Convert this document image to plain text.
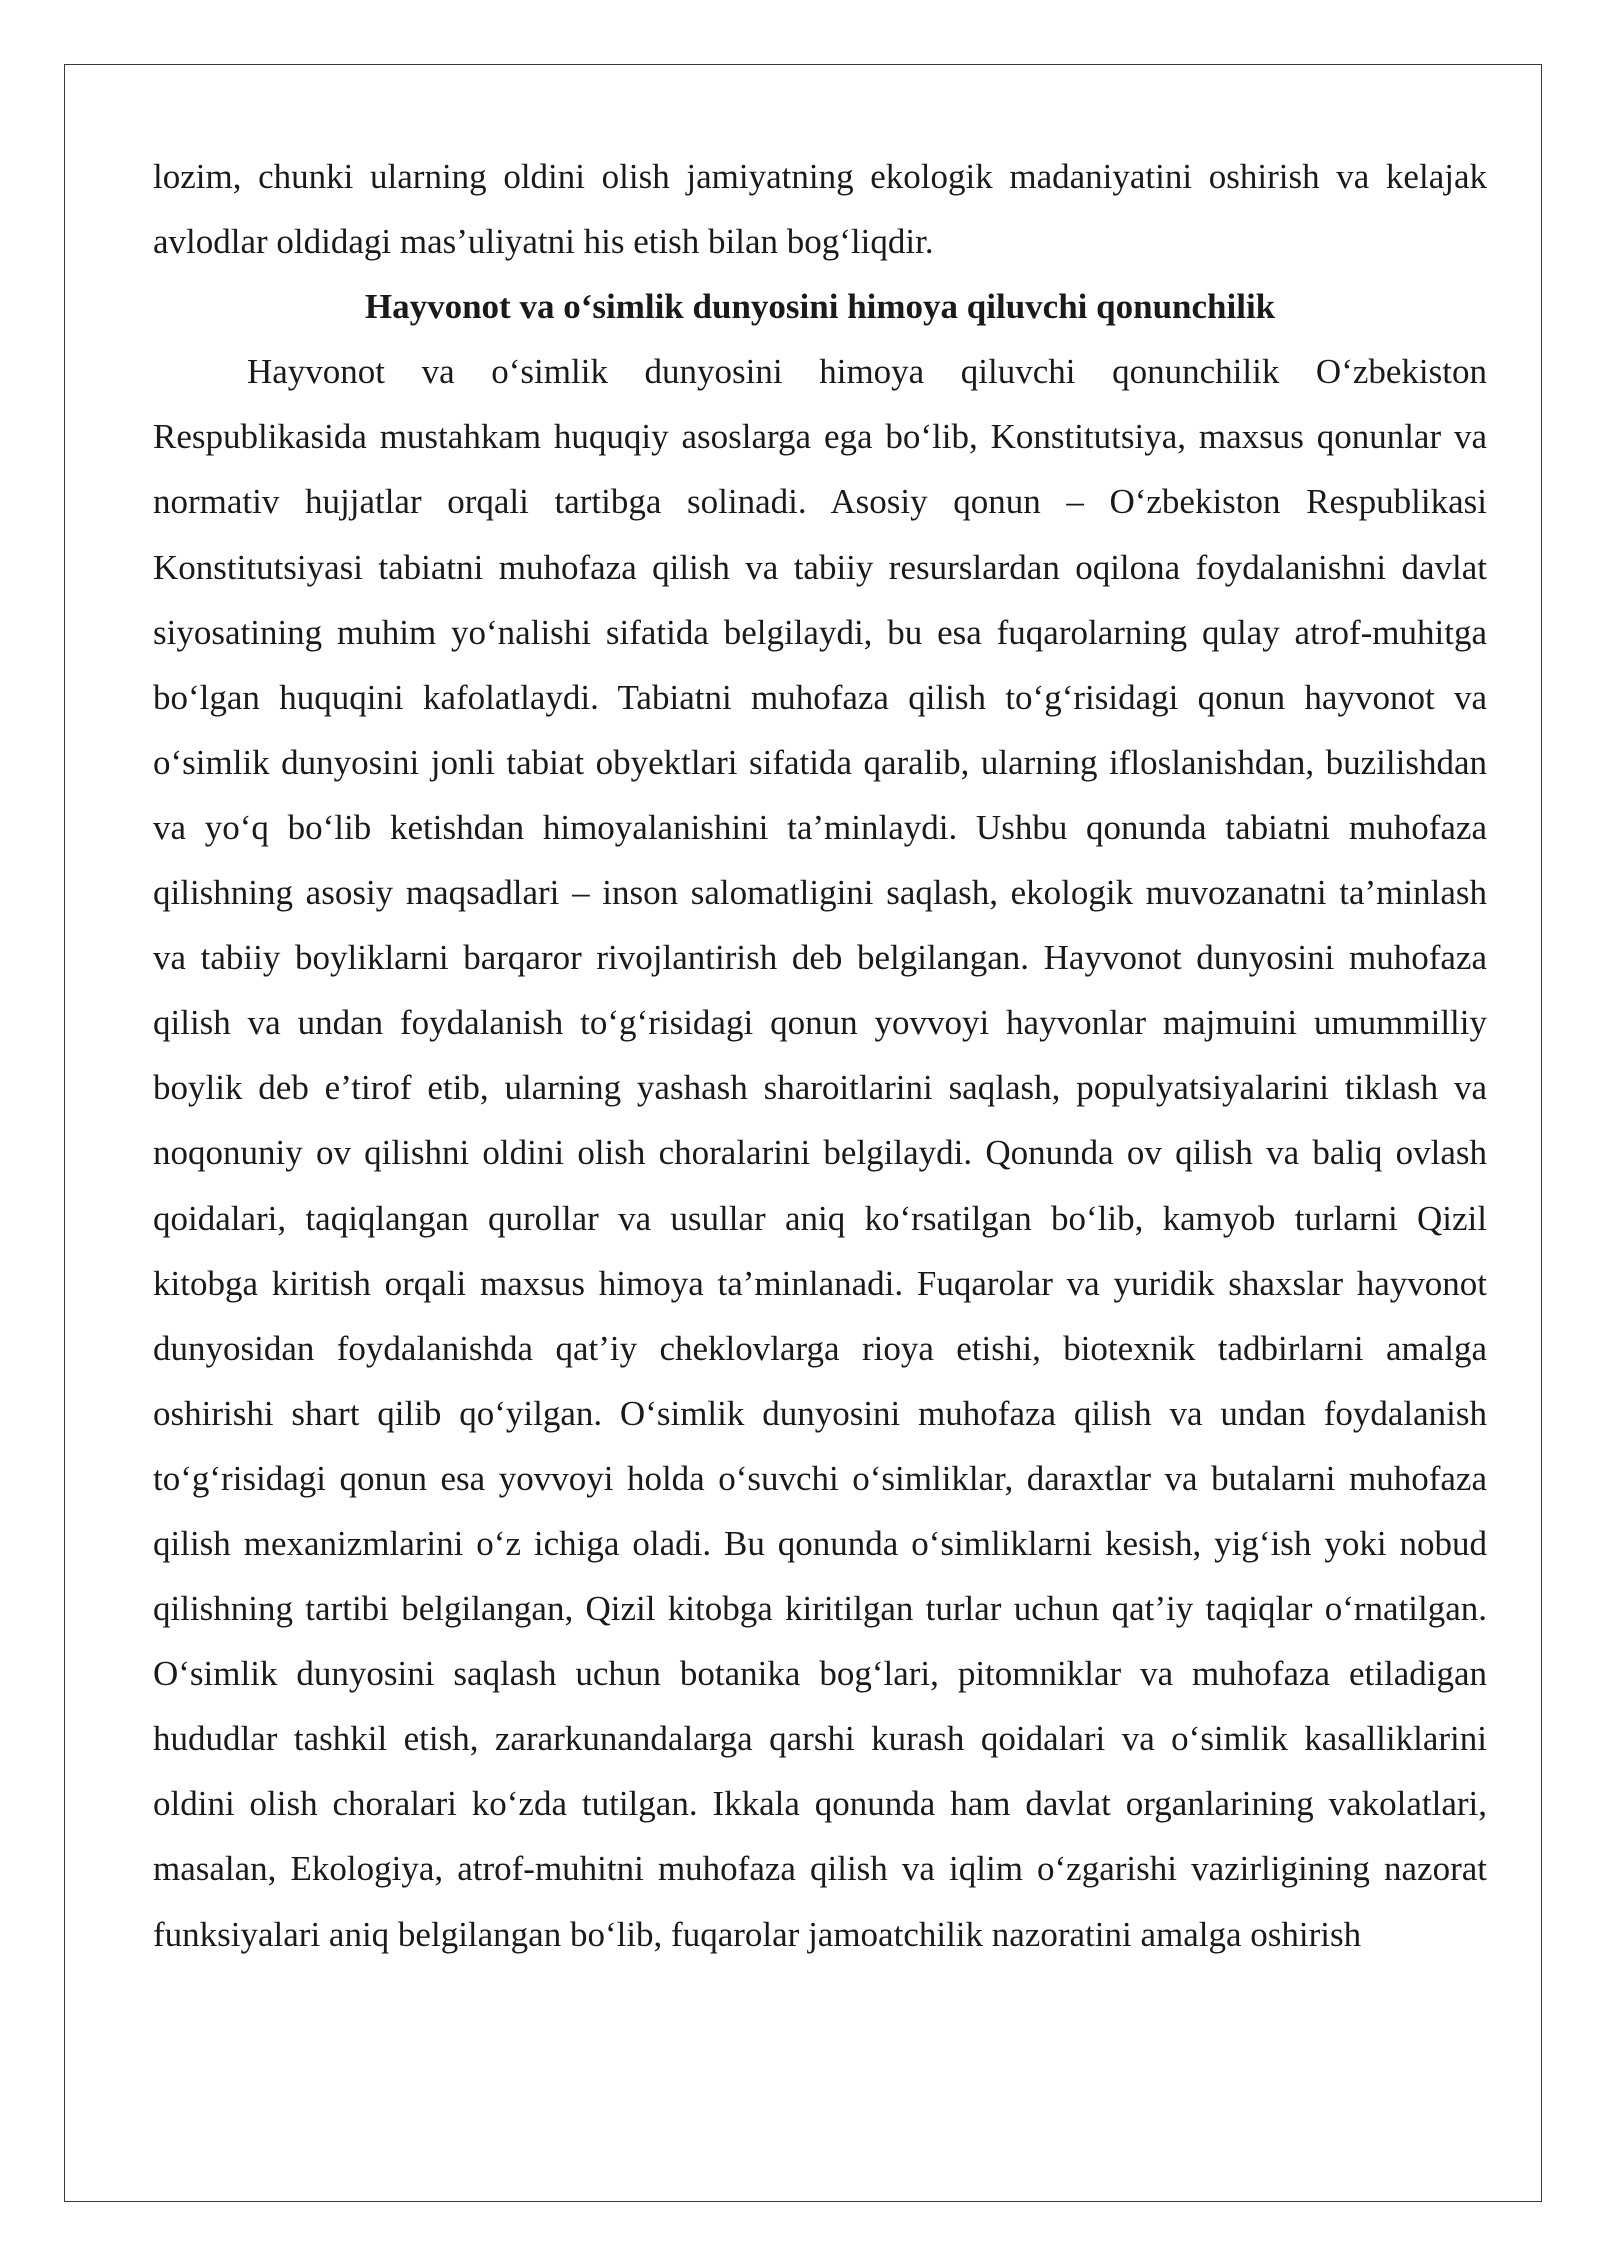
lozim, chunki ularning oldini olish jamiyatning ekologik madaniyatini oshirish va kelajak avlodlar oldidagi mas’uliyatni his etish bilan bog‘liqdir.

Hayvonot va o‘simlik dunyosini himoya qiluvchi qonunchilik

Hayvonot va o‘simlik dunyosini himoya qiluvchi qonunchilik O‘zbekiston Respublikasida mustahkam huquqiy asoslarga ega bo‘lib, Konstitutsiya, maxsus qonunlar va normativ hujjatlar orqali tartibga solinadi. Asosiy qonun – O‘zbekiston Respublikasi Konstitutsiyasi tabiatni muhofaza qilish va tabiiy resurslardan oqilona foydalanishni davlat siyosatining muhim yo‘nalishi sifatida belgilaydi, bu esa fuqarolarning qulay atrof-muhitga bo‘lgan huquqini kafolatlaydi. Tabiatni muhofaza qilish to‘g‘risidagi qonun hayvonot va o‘simlik dunyosini jonli tabiat obyektlari sifatida qaralib, ularning ifloslanishdan, buzilishdan va yo‘q bo‘lib ketishdan himoyalanishini ta’minlaydi. Ushbu qonunda tabiatni muhofaza qilishning asosiy maqsadlari – inson salomatligini saqlash, ekologik muvozanatni ta’minlash va tabiiy boyliklarni barqaror rivojlantirish deb belgilangan. Hayvonot dunyosini muhofaza qilish va undan foydalanish to‘g‘risidagi qonun yovvoyi hayvonlar majmuini umummilliy boylik deb e’tirof etib, ularning yashash sharoitlarini saqlash, populyatsiyalarini tiklash va noqonuniy ov qilishni oldini olish choralarini belgilaydi. Qonunda ov qilish va baliq ovlash qoidalari, taqiqlangan qurollar va usullar aniq ko‘rsatilgan bo‘lib, kamyob turlarni Qizil kitobga kiritish orqali maxsus himoya ta’minlanadi. Fuqarolar va yuridik shaxslar hayvonot dunyosidan foydalanishda qat’iy cheklovlarga rioya etishi, biotexnik tadbirlarni amalga oshirishi shart qilib qo‘yilgan. O‘simlik dunyosini muhofaza qilish va undan foydalanish to‘g‘risidagi qonun esa yovvoyi holda o‘suvchi o‘simliklar, daraxtlar va butalarni muhofaza qilish mexanizmlarini o‘z ichiga oladi. Bu qonunda o‘simliklarni kesish, yig‘ish yoki nobud qilishning tartibi belgilangan, Qizil kitobga kiritilgan turlar uchun qat’iy taqiqlar o‘rnatilgan. O‘simlik dunyosini saqlash uchun botanika bog‘lari, pitomniklar va muhofaza etiladigan hududlar tashkil etish, zararkunandalarga qarshi kurash qoidalari va o‘simlik kasalliklarini oldini olish choralari ko‘zda tutilgan. Ikkala qonunda ham davlat organlarining vakolatlari, masalan, Ekologiya, atrof-muhitni muhofaza qilish va iqlim o‘zgarishi vazirligining nazorat funksiyalari aniq belgilangan bo‘lib, fuqarolar jamoatchilik nazoratini amalga oshirish
